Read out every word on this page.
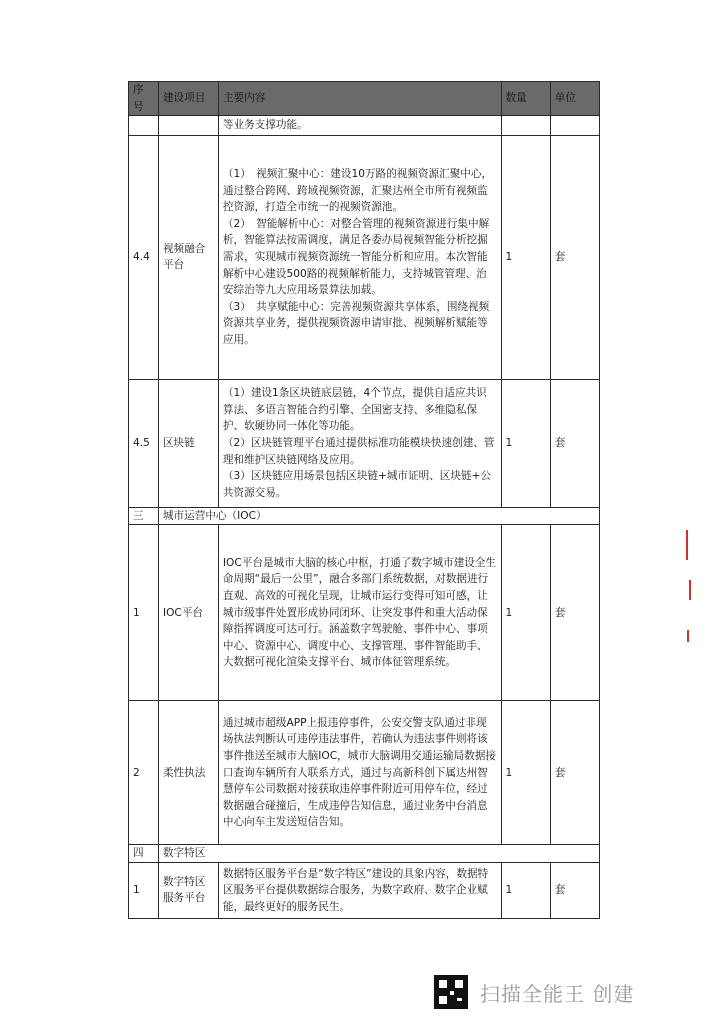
序号	建设项目	主要内容	数量	单位
		等业务支撑功能。		
4.4	视频融合平台	（1）　视频汇聚中心：建设10万路的视频资源汇聚中心，通过整合跨网、跨域视频资源，汇聚达州全市所有视频监控资源，打造全市统一的视频资源池。

（2）　智能解析中心：对整合管理的视频资源进行集中解析，智能算法按需调度，满足各委办局视频智能分析挖掘需求，实现城市视频资源统一智能分析和应用。本次智能解析中心建设500路的视频解析能力，支持城管管理、治安综治等九大应用场景算法加载。

（3）　共享赋能中心：完善视频资源共享体系，围绕视频资源共享业务，提供视频资源申请审批、视频解析赋能等应用。	1	套
4.5	区块链	（1）建设1条区块链底层链，4个节点，提供自适应共识算法、多语言智能合约引擎、全国密支持、多维隐私保护、软硬协同一体化等功能。

（2）区块链管理平台通过提供标准功能模块快速创建、管理和维护区块链网络及应用。

（3）区块链应用场景包括区块链+城市证明、区块链+公共资源交易。	1	套
三	城市运营中心（IOC）			
1	IOC平台	IOC平台是城市大脑的核心中枢，打通了数字城市建设全生命周期“最后一公里”，融合多部门系统数据，对数据进行直观、高效的可视化呈现，让城市运行变得可知可感，让城市级事件处置形成协同闭环、让突发事件和重大活动保障指挥调度可达可行。涵盖数字驾驶舱、事件中心、事项中心、资源中心、调度中心、支撑管理、事件智能助手、大数据可视化渲染支撑平台、城市体征管理系统。	1	套
2	柔性执法	通过城市超级APP上报违停事件，公安交警支队通过非现场执法判断认可违停违法事件，若确认为违法事件则将该事件推送至城市大脑IOC，城市大脑调用交通运输局数据接口查询车辆所有人联系方式，通过与高新科创下属达州智慧停车公司数据对接获取违停事件附近可用停车位，经过数据融合碰撞后，生成违停告知信息，通过业务中台消息中心向车主发送短信告知。	1	套
四	数字特区			
1	数字特区服务平台	数据特区服务平台是“数字特区”建设的具象内容，数据特区服务平台提供数据综合服务，为数字政府、数字企业赋能，最终更好的服务民生。	1	套
扫描全能王 创建
